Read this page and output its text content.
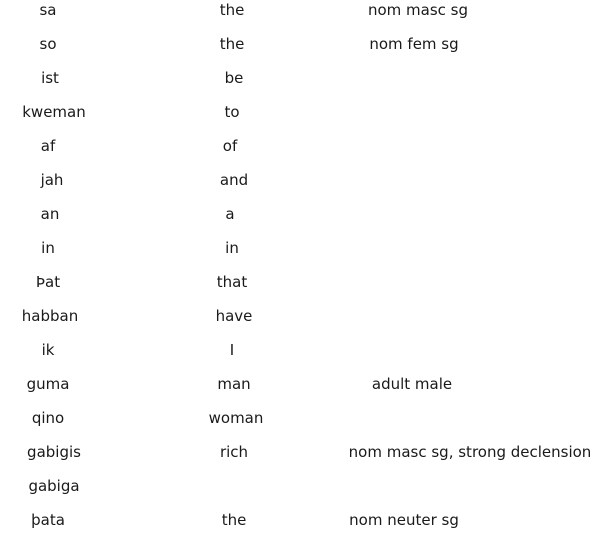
sa	the	nom masc sg
so	the	nom fem sg
ist	be
kweman	to
af	of
jah	and
an	a
in	in
Þat	that
habban	have
ik	I
guma	man	adult male
qino	woman
gabigis	rich	nom masc sg, strong declension
gabiga
þata	the	nom neuter sg
